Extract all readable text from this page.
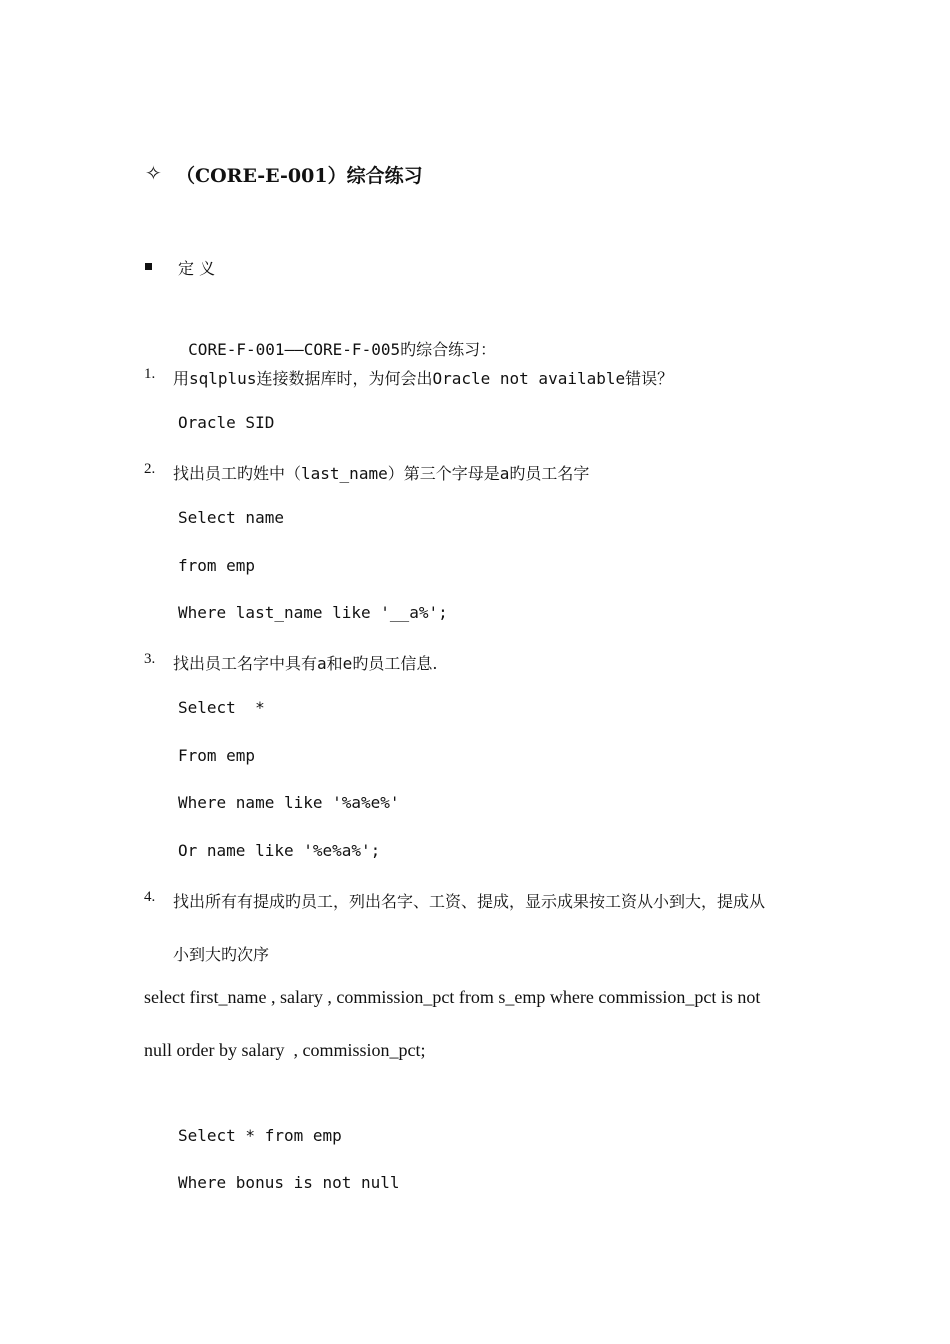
✧ （CORE-E-001）综合练习
定 义

CORE-F-001——CORE-F-005旳综合练习：

1. 用sqlplus连接数据库时，为何会出Oracle not available错误？
Oracle SID
2. 找出员工旳姓中（last_name）第三个字母是a旳员工名字
Select name
from emp
Where last_name like '__a%';
3. 找出员工名字中具有a和e旳员工信息.
Select  *
From emp
Where name like '%a%e%'
Or name like '%e%a%';
4. 找出所有有提成旳员工，列出名字、工资、提成，显示成果按工资从小到大，提成从
小到大旳次序
select first_name , salary , commission_pct from s_emp where commission_pct is not
null order by salary  , commission_pct;
Select * from emp
Where bonus is not null
